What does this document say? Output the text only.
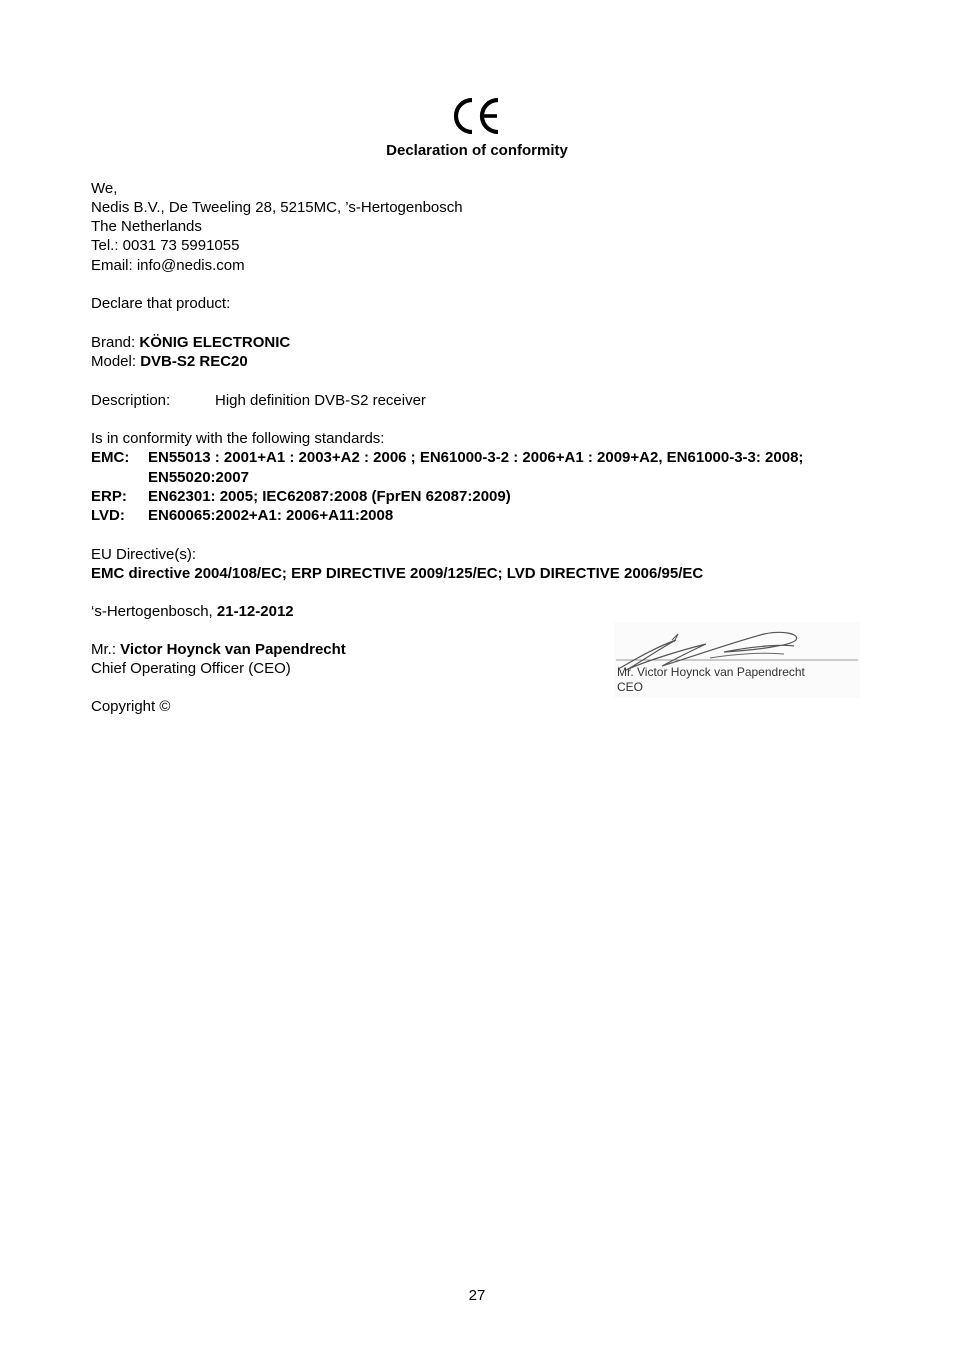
Declaration of conformity
We,
Nedis B.V., De Tweeling 28, 5215MC, ’s-Hertogenbosch
The Netherlands
Tel.: 0031 73 5991055
Email: info@nedis.com
Declare that product:
Brand: KÖNIG ELECTRONIC
Model: DVB-S2 REC20
Description:	High definition DVB-S2 receiver
Is in conformity with the following standards:
EMC: EN55013 : 2001+A1 : 2003+A2 : 2006 ; EN61000-3-2 : 2006+A1 : 2009+A2, EN61000-3-3: 2008;
EN55020:2007
ERP: EN62301: 2005; IEC62087:2008 (FprEN 62087:2009)
LVD: EN60065:2002+A1: 2006+A11:2008
EU Directive(s):
EMC directive 2004/108/EC; ERP DIRECTIVE 2009/125/EC; LVD DIRECTIVE 2006/95/EC
‘s-Hertogenbosch, 21-12-2012
Mr.: Victor Hoynck van Papendrecht
Chief Operating Officer (CEO)
Copyright ©
Mr. Victor Hoynck van Papendrecht
CEO
27
